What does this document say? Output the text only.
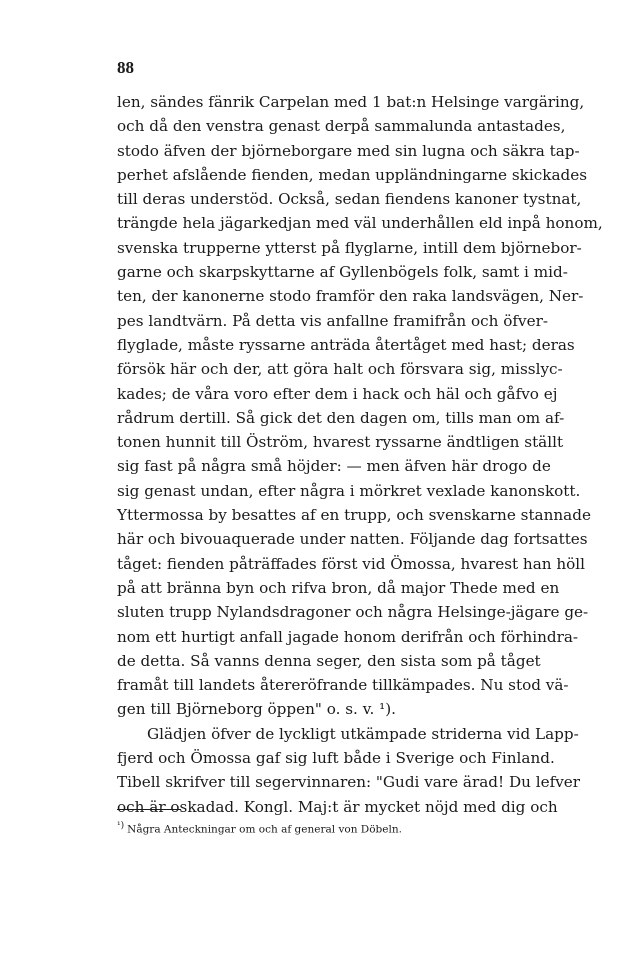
88
len, sändes fänrik Carpelan med 1 bat:n Helsinge vargäring,
och då den venstra genast derpå sammalunda antastades,
stodo äfven der björneborgare med sin lugna och säkra tap-
perhet afslående fienden, medan uppländningarne skickades
till deras understöd. Också, sedan fiendens kanoner tystnat,
trängde hela jägarkedjan med väl underhållen eld inpå honom,
svenska trupperne ytterst på flyglarne, intill dem björnebor-
garne och skarpskyttarne af Gyllenbögels folk, samt i mid-
ten, der kanonerne stodo framför den raka landsvägen, Ner-
pes landtvärn. På detta vis anfallne framifrån och öfver-
flyglade, måste ryssarne anträda återtåget med hast; deras
försök här och der, att göra halt och försvara sig, misslyc-
kades; de våra voro efter dem i hack och häl och gåfvo ej
rådrum dertill. Så gick det den dagen om, tills man om af-
tonen hunnit till Öström, hvarest ryssarne ändtligen ställt
sig fast på några små höjder: — men äfven här drogo de
sig genast undan, efter några i mörkret vexlade kanonskott.
Yttermossa by besattes af en trupp, och svenskarne stannade
här och bivouaquerade under natten. Följande dag fortsattes
tåget: fienden påträffades först vid Ömossa, hvarest han höll
på att bränna byn och rifva bron, då major Thede med en
sluten trupp Nylandsdragoner och några Helsinge-jägare ge-
nom ett hurtigt anfall jagade honom derifrån och förhindra-
de detta. Så vanns denna seger, den sista som på tåget
framåt till landets återeröfrande tillkämpades. Nu stod vä-
gen till Björneborg öppen" o. s. v. ¹).
Glädjen öfver de lyckligt utkämpade striderna vid Lapp-
fjerd och Ömossa gaf sig luft både i Sverige och Finland.
Tibell skrifver till segervinnaren: "Gudi vare ärad! Du lefver
och är oskadad. Kongl. Maj:t är mycket nöjd med dig och
¹) Några Anteckningar om och af general von Döbeln.
